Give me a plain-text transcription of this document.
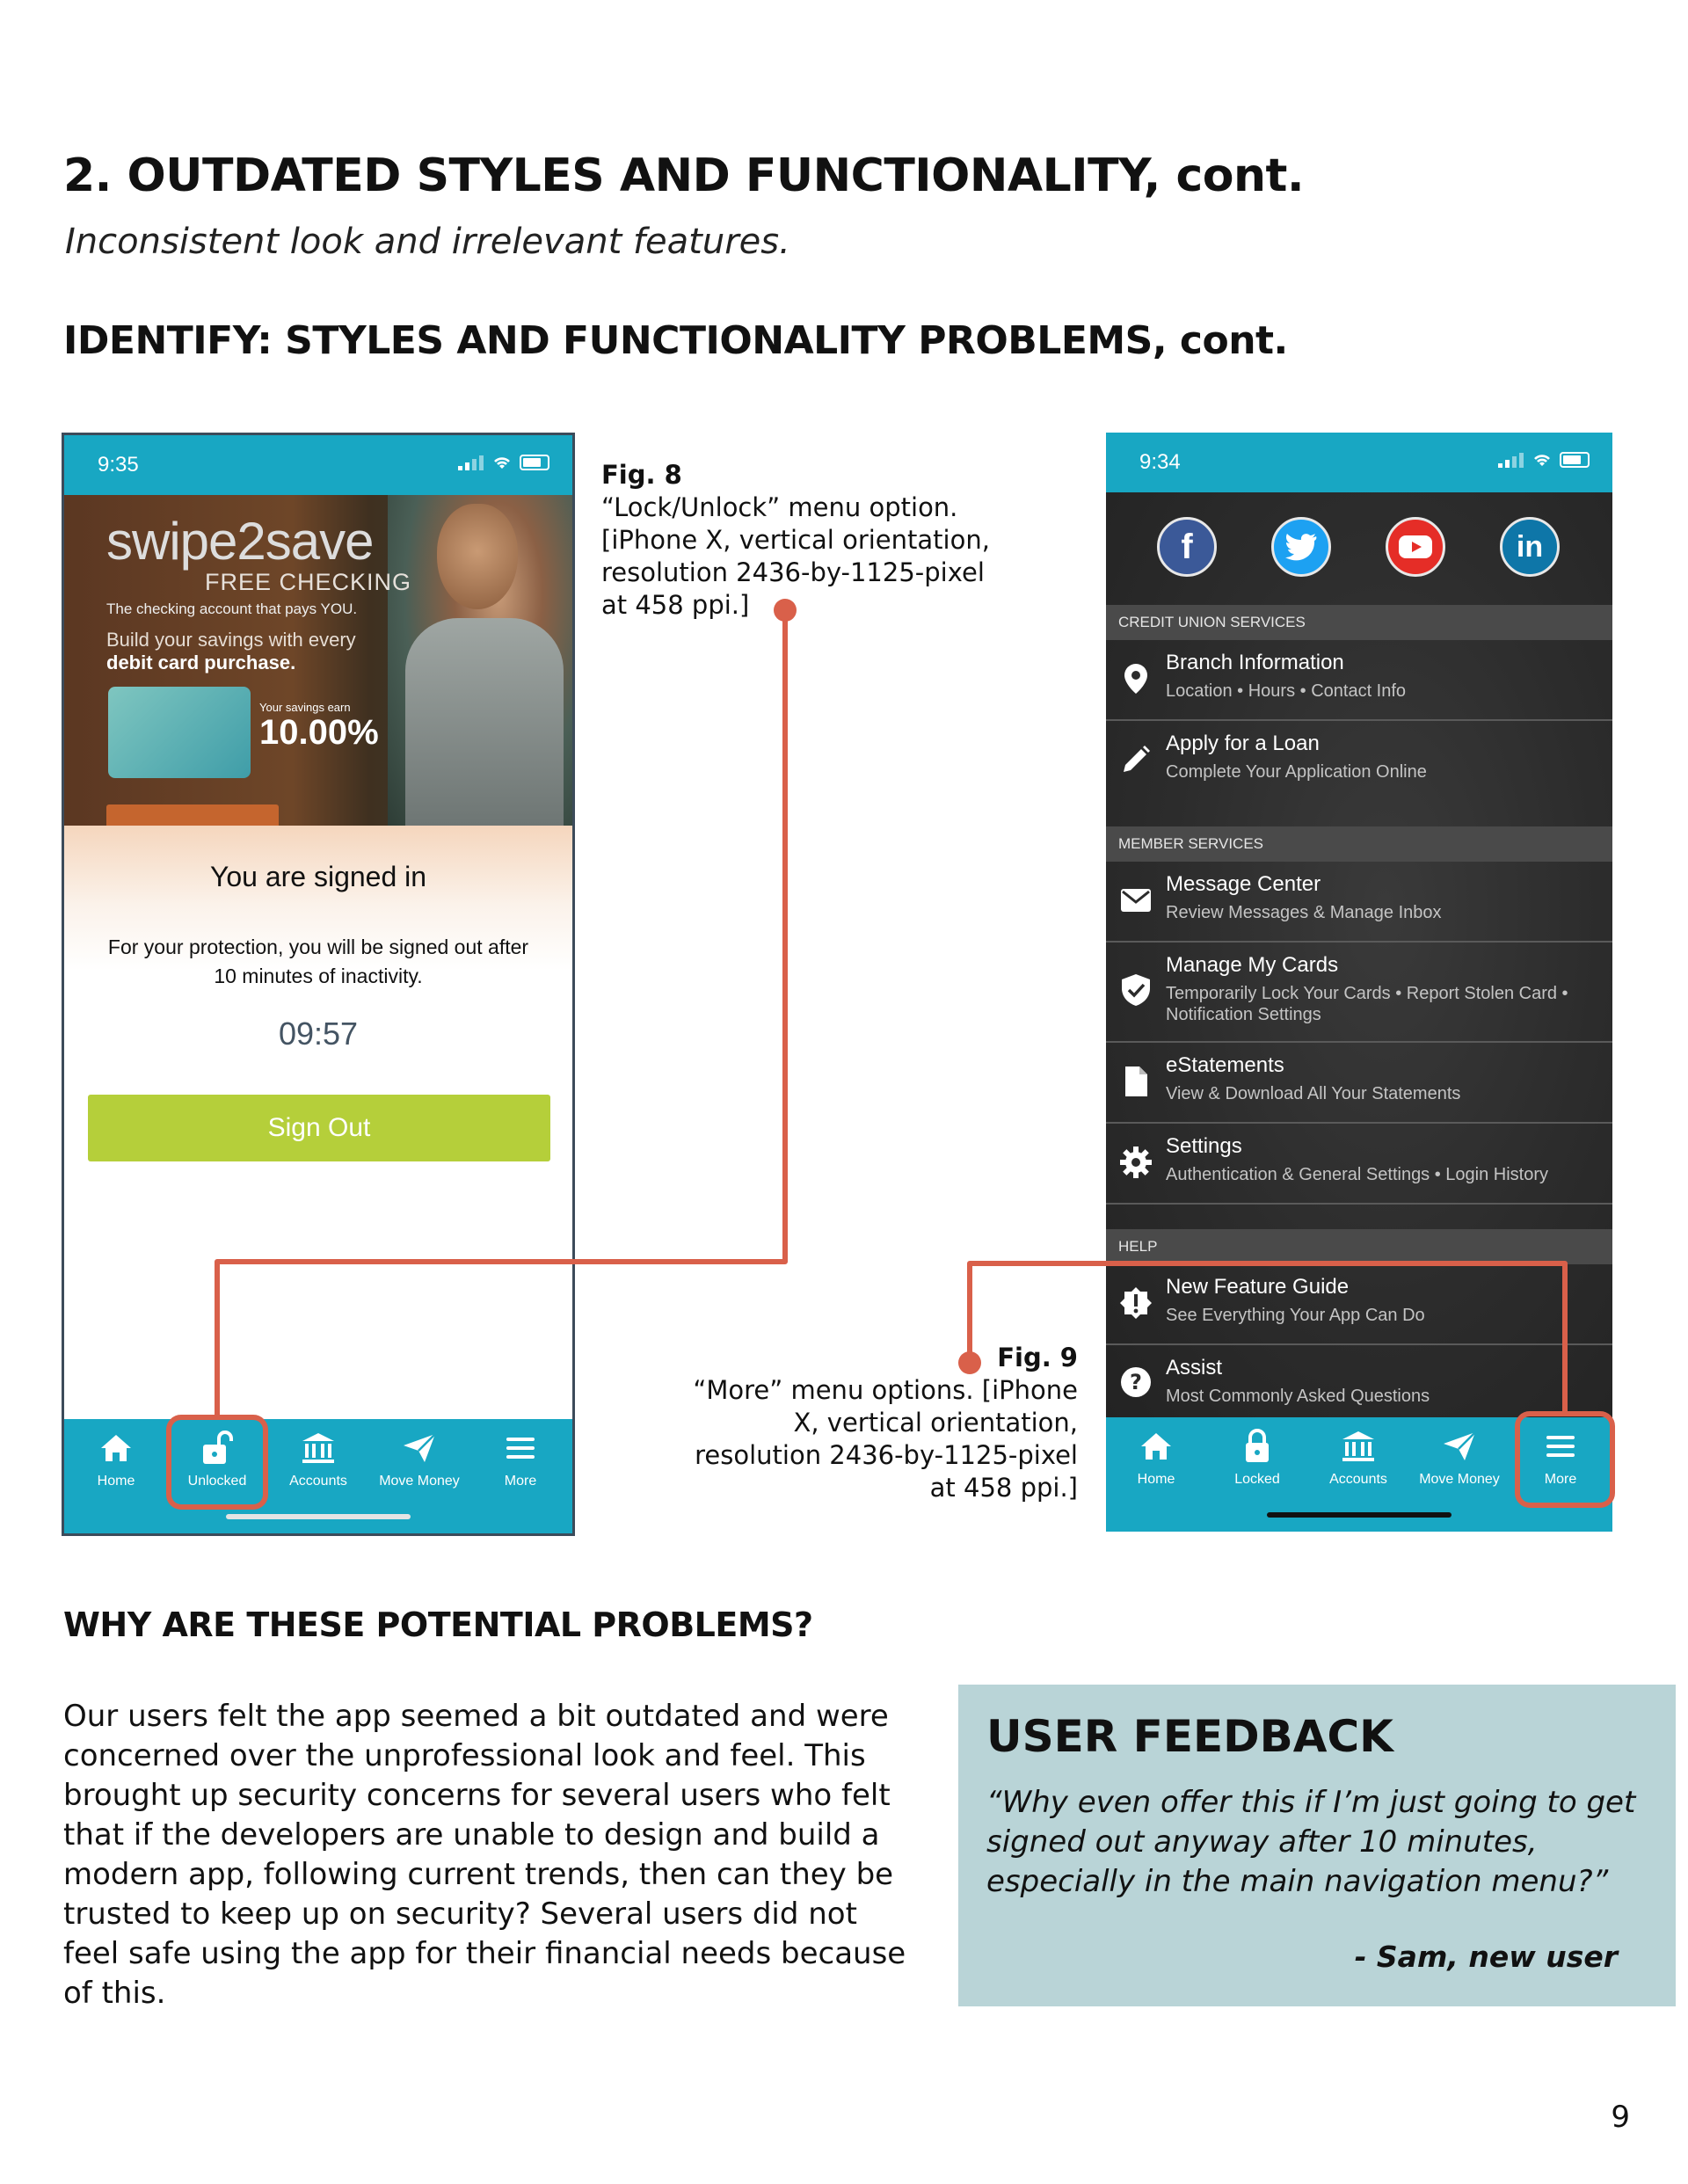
2. OUTDATED STYLES AND FUNCTIONALITY, cont.
Inconsistent look and irrelevant features.
IDENTIFY: STYLES AND FUNCTIONALITY PROBLEMS, cont.
9:35
swipe2save
FREE CHECKING
The checking account that pays YOU.
Build your savings with every
debit card purchase.
Your savings earn
10.00%
You are signed in
For your protection, you will be signed out after 10 minutes of inactivity.
09:57
Sign Out
Home	Unlocked	Accounts	Move Money	More
Fig. 8
“Lock/Unlock” menu option.
[iPhone X, vertical orientation,
resolution 2436-by-1125-pixel
at 458 ppi.]
9:34
f	in
CREDIT UNION SERVICES
Branch Information
Location • Hours • Contact Info
Apply for a Loan
Complete Your Application Online
MEMBER SERVICES
Message Center
Review Messages & Manage Inbox
Manage My Cards
Temporarily Lock Your Cards • Report Stolen Card • Notification Settings
eStatements
View & Download All Your Statements
Settings
Authentication & General Settings • Login History
HELP
New Feature Guide
See Everything Your App Can Do
?
Assist
Most Commonly Asked Questions
Home	Locked	Accounts	Move Money	More
Fig. 9
“More” menu options. [iPhone
X, vertical orientation,
resolution 2436-by-1125-pixel
at 458 ppi.]
WHY ARE THESE POTENTIAL PROBLEMS?
Our users felt the app seemed a bit outdated and were concerned over the unprofessional look and feel. This brought up security concerns for several users who felt that if the developers are unable to design and build a modern app, following current trends, then can they be trusted to keep up on security? Several users did not feel safe using the app for their financial needs because of this.
USER FEEDBACK
“Why even offer this if I’m just going to get signed out anyway after 10 minutes, especially in the main navigation menu?”
- Sam, new user
9
